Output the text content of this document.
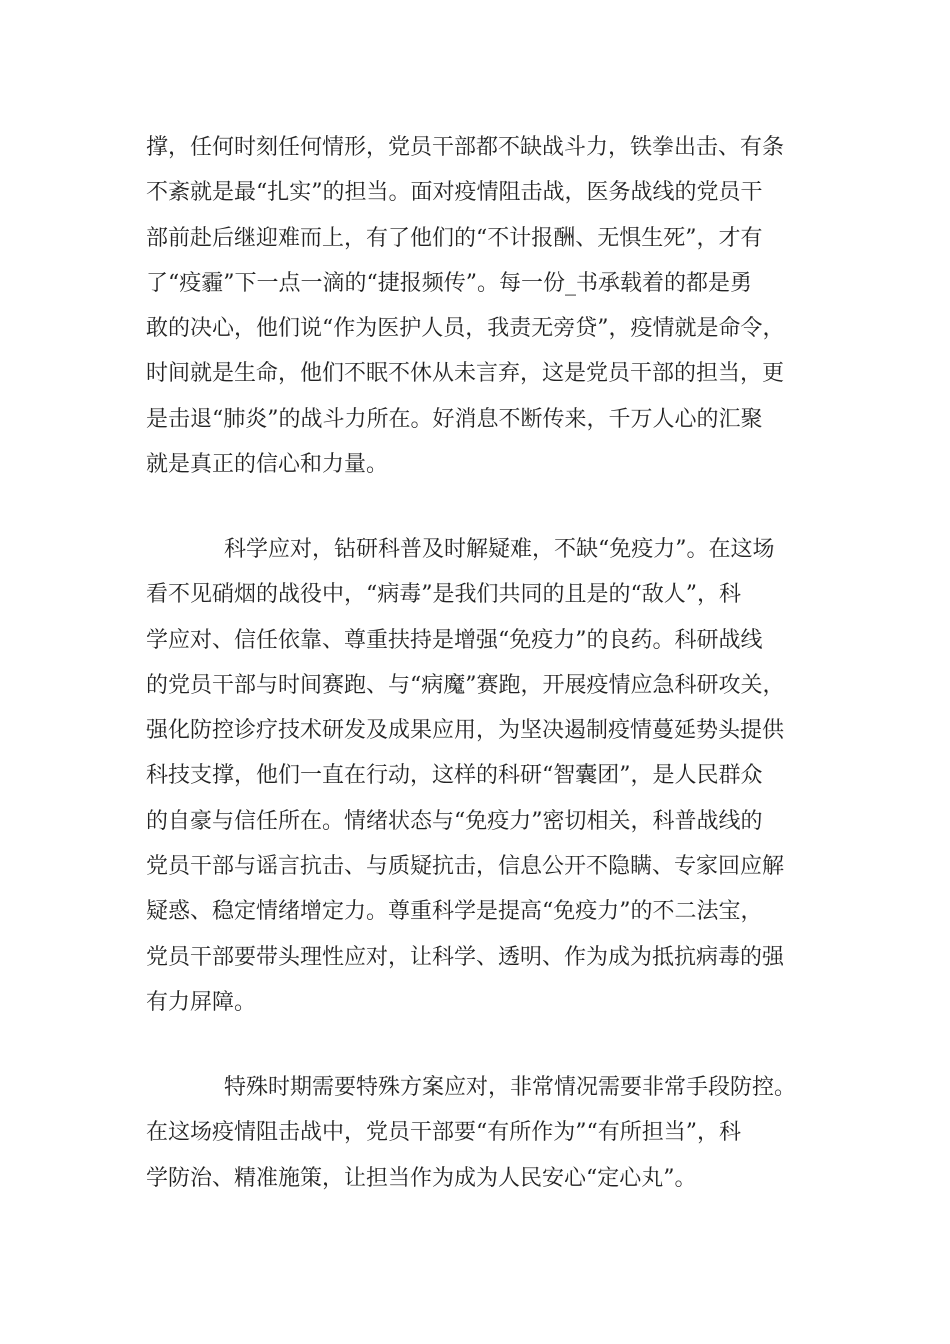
撑，任何时刻任何情形，党员干部都不缺战斗力，铁拳出击、有条
不紊就是最“扎实”的担当。面对疫情阻击战，医务战线的党员干
部前赴后继迎难而上，有了他们的“不计报酬、无惧生死”，才有
了“疫霾”下一点一滴的“捷报频传”。每一份_书承载着的都是勇
敢的决心，他们说“作为医护人员，我责无旁贷”，疫情就是命令，
时间就是生命，他们不眠不休从未言弃，这是党员干部的担当，更
是击退“肺炎”的战斗力所在。好消息不断传来，千万人心的汇聚
就是真正的信心和力量。
科学应对，钻研科普及时解疑难，不缺“免疫力”。在这场
看不见硝烟的战役中，“病毒”是我们共同的且是的“敌人”，科
学应对、信任依靠、尊重扶持是增强“免疫力”的良药。科研战线
的党员干部与时间赛跑、与“病魔”赛跑，开展疫情应急科研攻关，
强化防控诊疗技术研发及成果应用，为坚决遏制疫情蔓延势头提供
科技支撑，他们一直在行动，这样的科研“智囊团”，是人民群众
的自豪与信任所在。情绪状态与“免疫力”密切相关，科普战线的
党员干部与谣言抗击、与质疑抗击，信息公开不隐瞒、专家回应解
疑惑、稳定情绪增定力。尊重科学是提高“免疫力”的不二法宝，
党员干部要带头理性应对，让科学、透明、作为成为抵抗病毒的强
有力屏障。
特殊时期需要特殊方案应对，非常情况需要非常手段防控。
在这场疫情阻击战中，党员干部要“有所作为”“有所担当”，科
学防治、精准施策，让担当作为成为人民安心“定心丸”。
